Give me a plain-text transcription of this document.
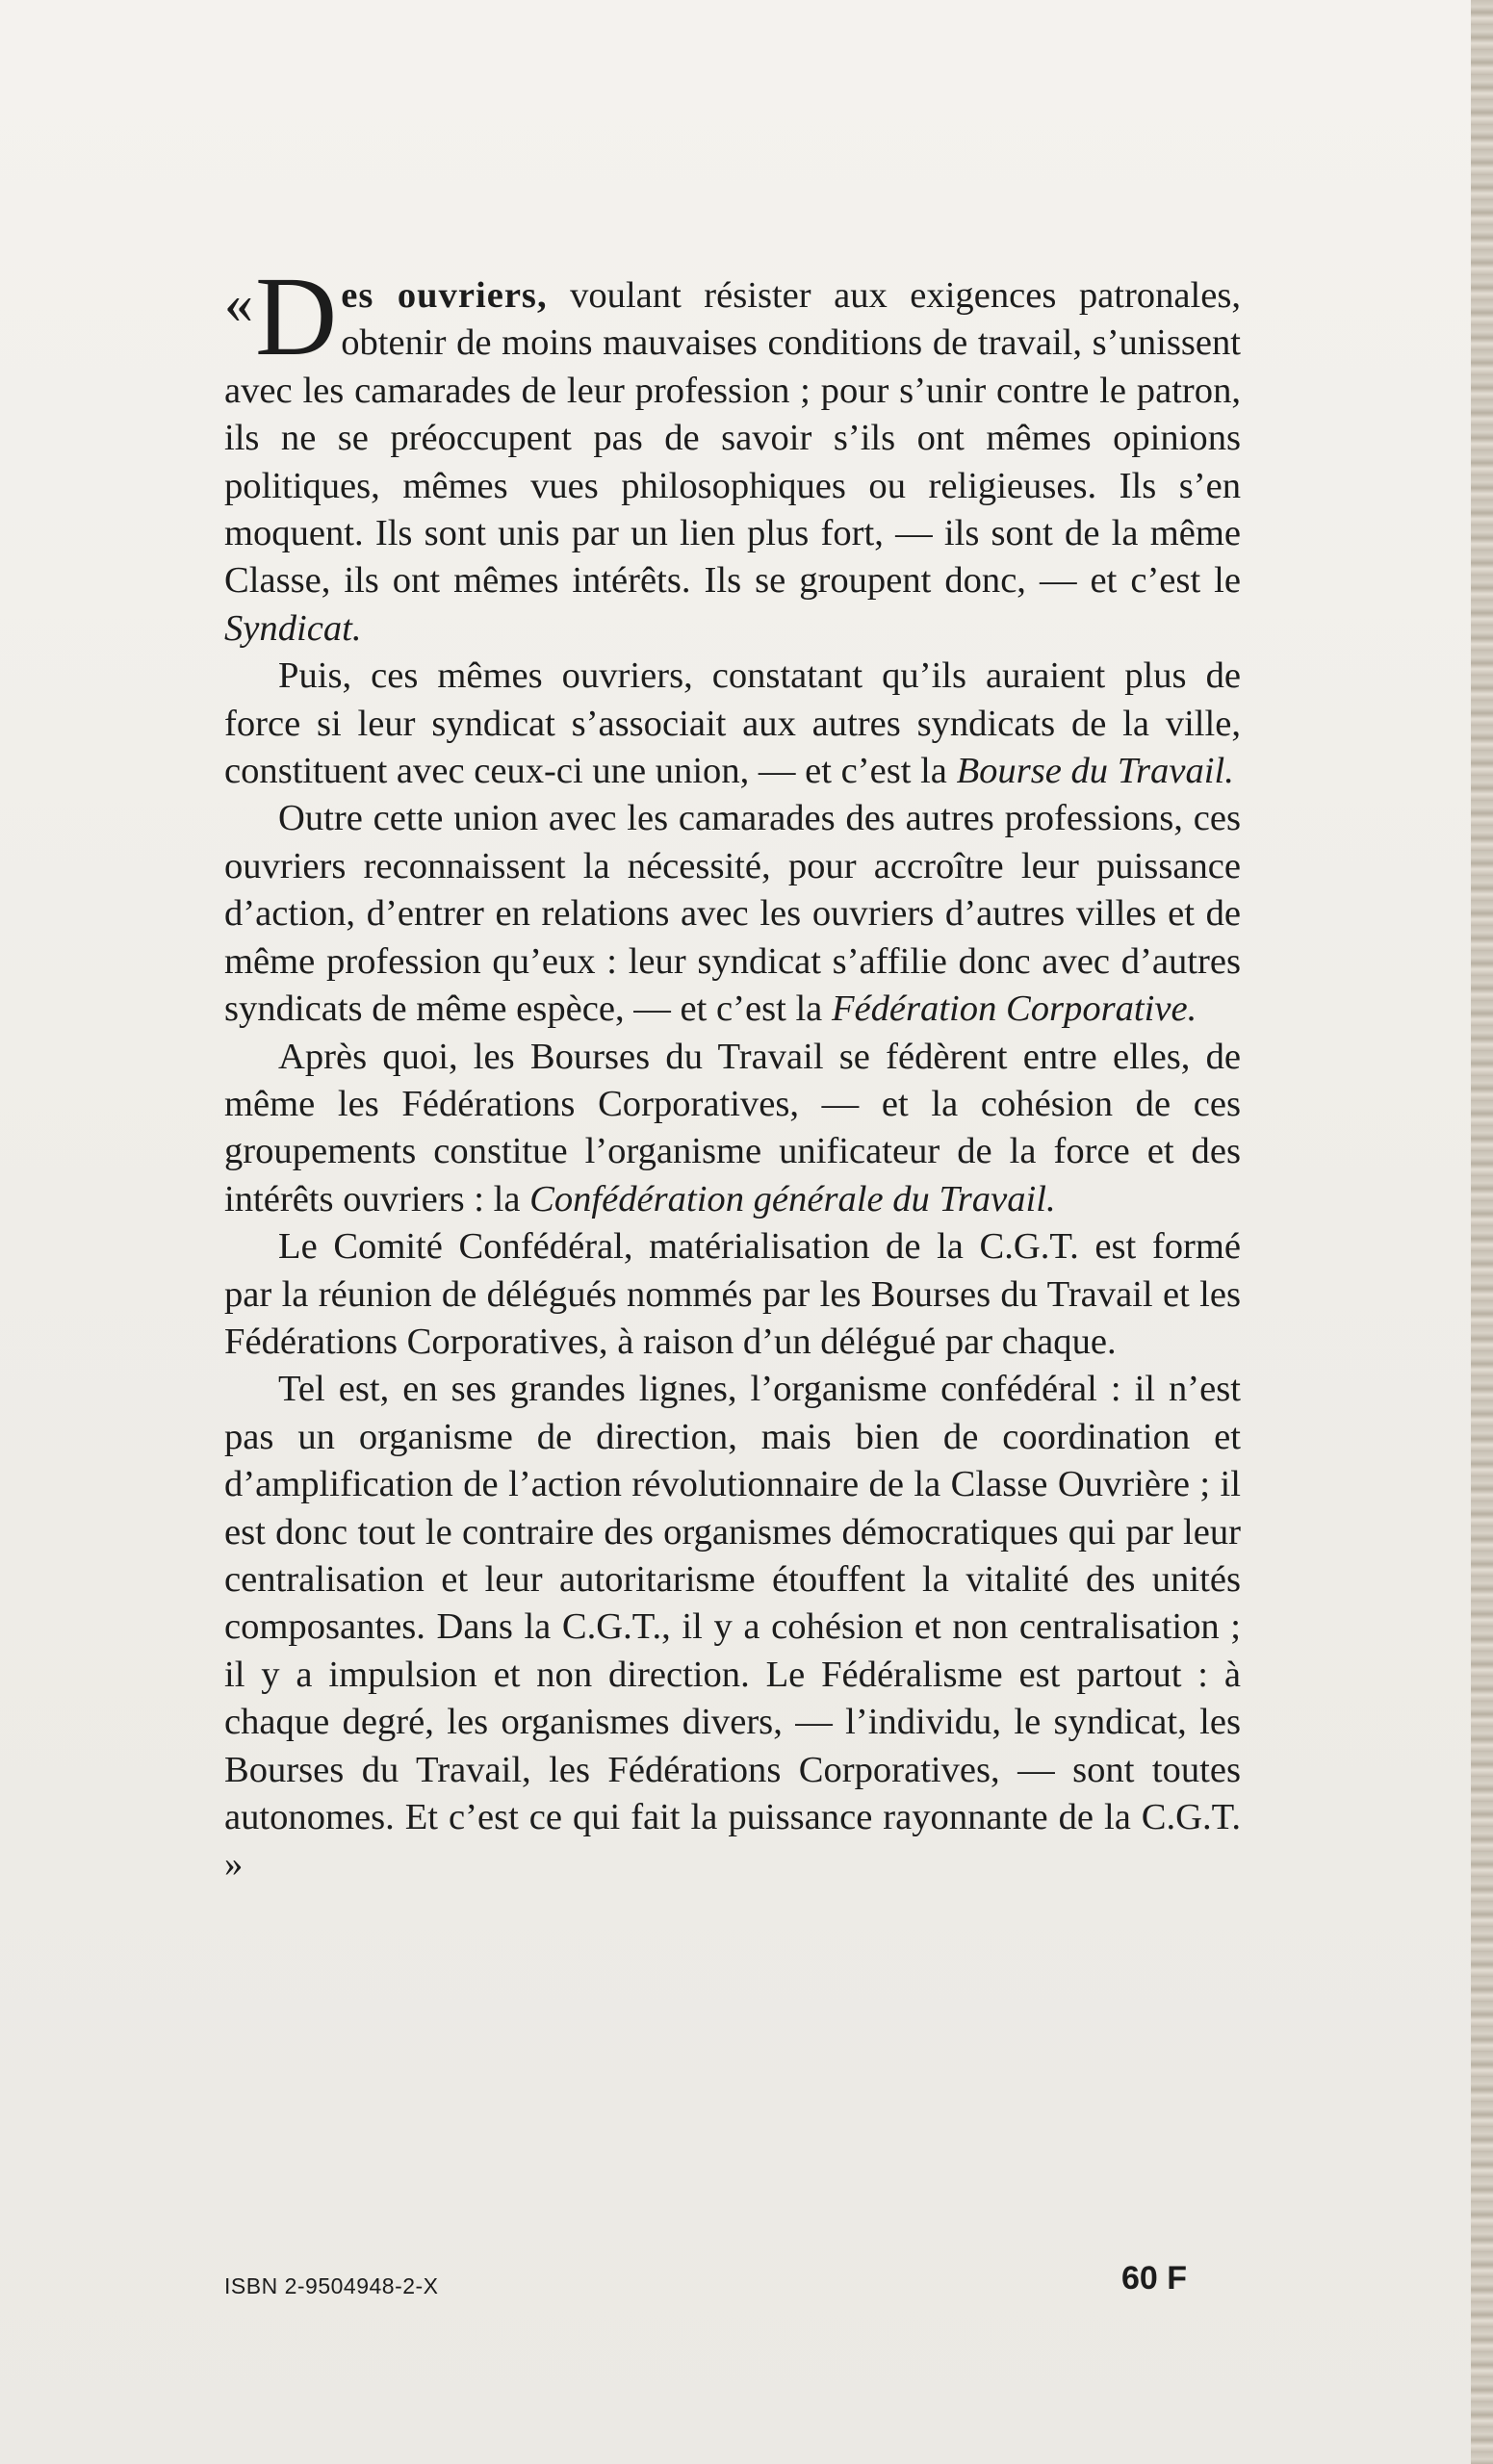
« D es ouvriers, voulant résister aux exigences patronales, obtenir de moins mauvaises conditions de travail, s’unissent avec les camarades de leur profession ; pour s’unir contre le patron, ils ne se préoccupent pas de savoir s’ils ont mêmes opinions politiques, mêmes vues philosophiques ou religieuses. Ils s’en moquent. Ils sont unis par un lien plus fort, — ils sont de la même Classe, ils ont mêmes intérêts. Ils se groupent donc, — et c’est le Syndicat.

Puis, ces mêmes ouvriers, constatant qu’ils auraient plus de force si leur syndicat s’associait aux autres syndicats de la ville, constituent avec ceux-ci une union, — et c’est la Bourse du Travail.

Outre cette union avec les camarades des autres professions, ces ouvriers reconnaissent la nécessité, pour accroître leur puissance d’action, d’entrer en relations avec les ouvriers d’autres villes et de même profession qu’eux : leur syndicat s’affilie donc avec d’autres syndicats de même espèce, — et c’est la Fédération Corporative.

Après quoi, les Bourses du Travail se fédèrent entre elles, de même les Fédérations Corporatives, — et la cohésion de ces groupements constitue l’organisme unificateur de la force et des intérêts ouvriers : la Confédération générale du Travail.

Le Comité Confédéral, matérialisation de la C.G.T. est formé par la réunion de délégués nommés par les Bourses du Travail et les Fédérations Corporatives, à raison d’un délégué par chaque.

Tel est, en ses grandes lignes, l’organisme confédéral : il n’est pas un organisme de direction, mais bien de coordination et d’amplification de l’action révolutionnaire de la Classe Ouvrière ; il est donc tout le contraire des organismes démocratiques qui par leur centralisation et leur autoritarisme étouffent la vitalité des unités composantes. Dans la C.G.T., il y a cohésion et non centralisation ; il y a impulsion et non direction. Le Fédéralisme est partout : à chaque degré, les organismes divers, — l’individu, le syndicat, les Bourses du Travail, les Fédérations Corporatives, — sont toutes autonomes. Et c’est ce qui fait la puissance rayonnante de la C.G.T. »

ISBN 2-9504948-2-X	60 F
